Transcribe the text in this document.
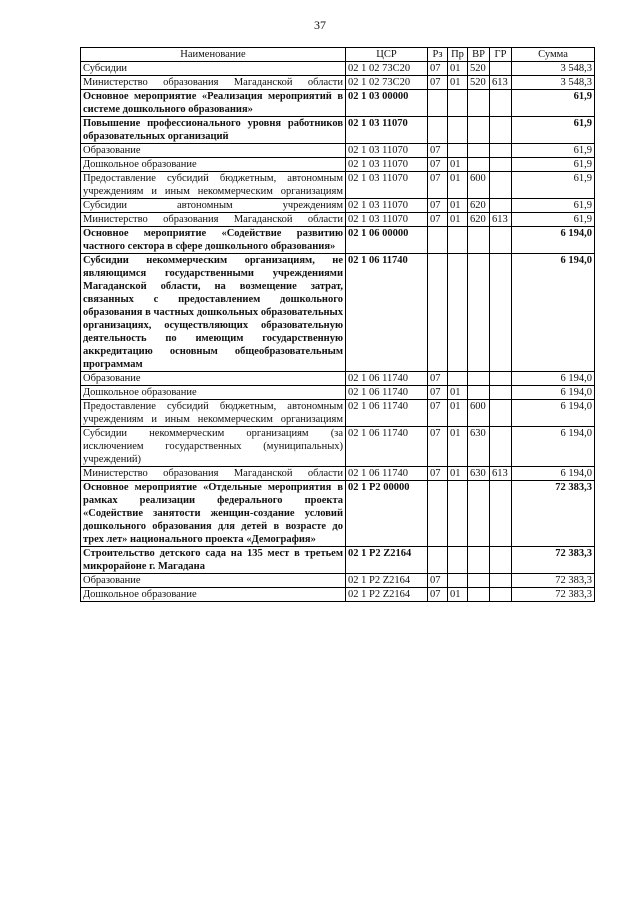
37
Наименование	ЦСР	Рз	Пр	ВР	ГР	Сумма
Субсидии	02 1 02 73С20	07	01	520		3 548,3
Министерство образования Магаданской области	02 1 02 73С20	07	01	520	613	3 548,3
Основное мероприятие «Реализация мероприятий в системе дошкольного образования»	02 1 03 00000					61,9
Повышение профессионального уровня работников образовательных организаций	02 1 03 11070					61,9
Образование	02 1 03 11070	07				61,9
Дошкольное образование	02 1 03 11070	07	01			61,9
Предоставление субсидий бюджетным, автономным учреждениям и иным некоммерческим организациям	02 1 03 11070	07	01	600		61,9
Субсидии автономным учреждениям	02 1 03 11070	07	01	620		61,9
Министерство образования Магаданской области	02 1 03 11070	07	01	620	613	61,9
Основное мероприятие «Содействие развитию частного сектора в сфере дошкольного образования»	02 1 06 00000					6 194,0
Субсидии некоммерческим организациям, не являющимся государственными учреждениями Магаданской области, на возмещение затрат, связанных с предоставлением дошкольного образования в частных дошкольных образовательных организациях, осуществляющих образовательную деятельность по имеющим государственную аккредитацию основным общеобразовательным программам	02 1 06 11740					6 194,0
Образование	02 1 06 11740	07				6 194,0
Дошкольное образование	02 1 06 11740	07	01			6 194,0
Предоставление субсидий бюджетным, автономным учреждениям и иным некоммерческим организациям	02 1 06 11740	07	01	600		6 194,0
Субсидии некоммерческим организациям (за исключением государственных (муниципальных) учреждений)	02 1 06 11740	07	01	630		6 194,0
Министерство образования Магаданской области	02 1 06 11740	07	01	630	613	6 194,0
Основное мероприятие «Отдельные мероприятия в рамках реализации федерального проекта «Содействие занятости женщин-создание условий дошкольного образования для детей в возрасте до трех лет» национального проекта «Демография»	02 1 P2 00000					72 383,3
Строительство детского сада на 135 мест в третьем микрорайоне г. Магадана	02 1 P2 Z2164					72 383,3
Образование	02 1 P2 Z2164	07				72 383,3
Дошкольное образование	02 1 P2 Z2164	07	01			72 383,3
